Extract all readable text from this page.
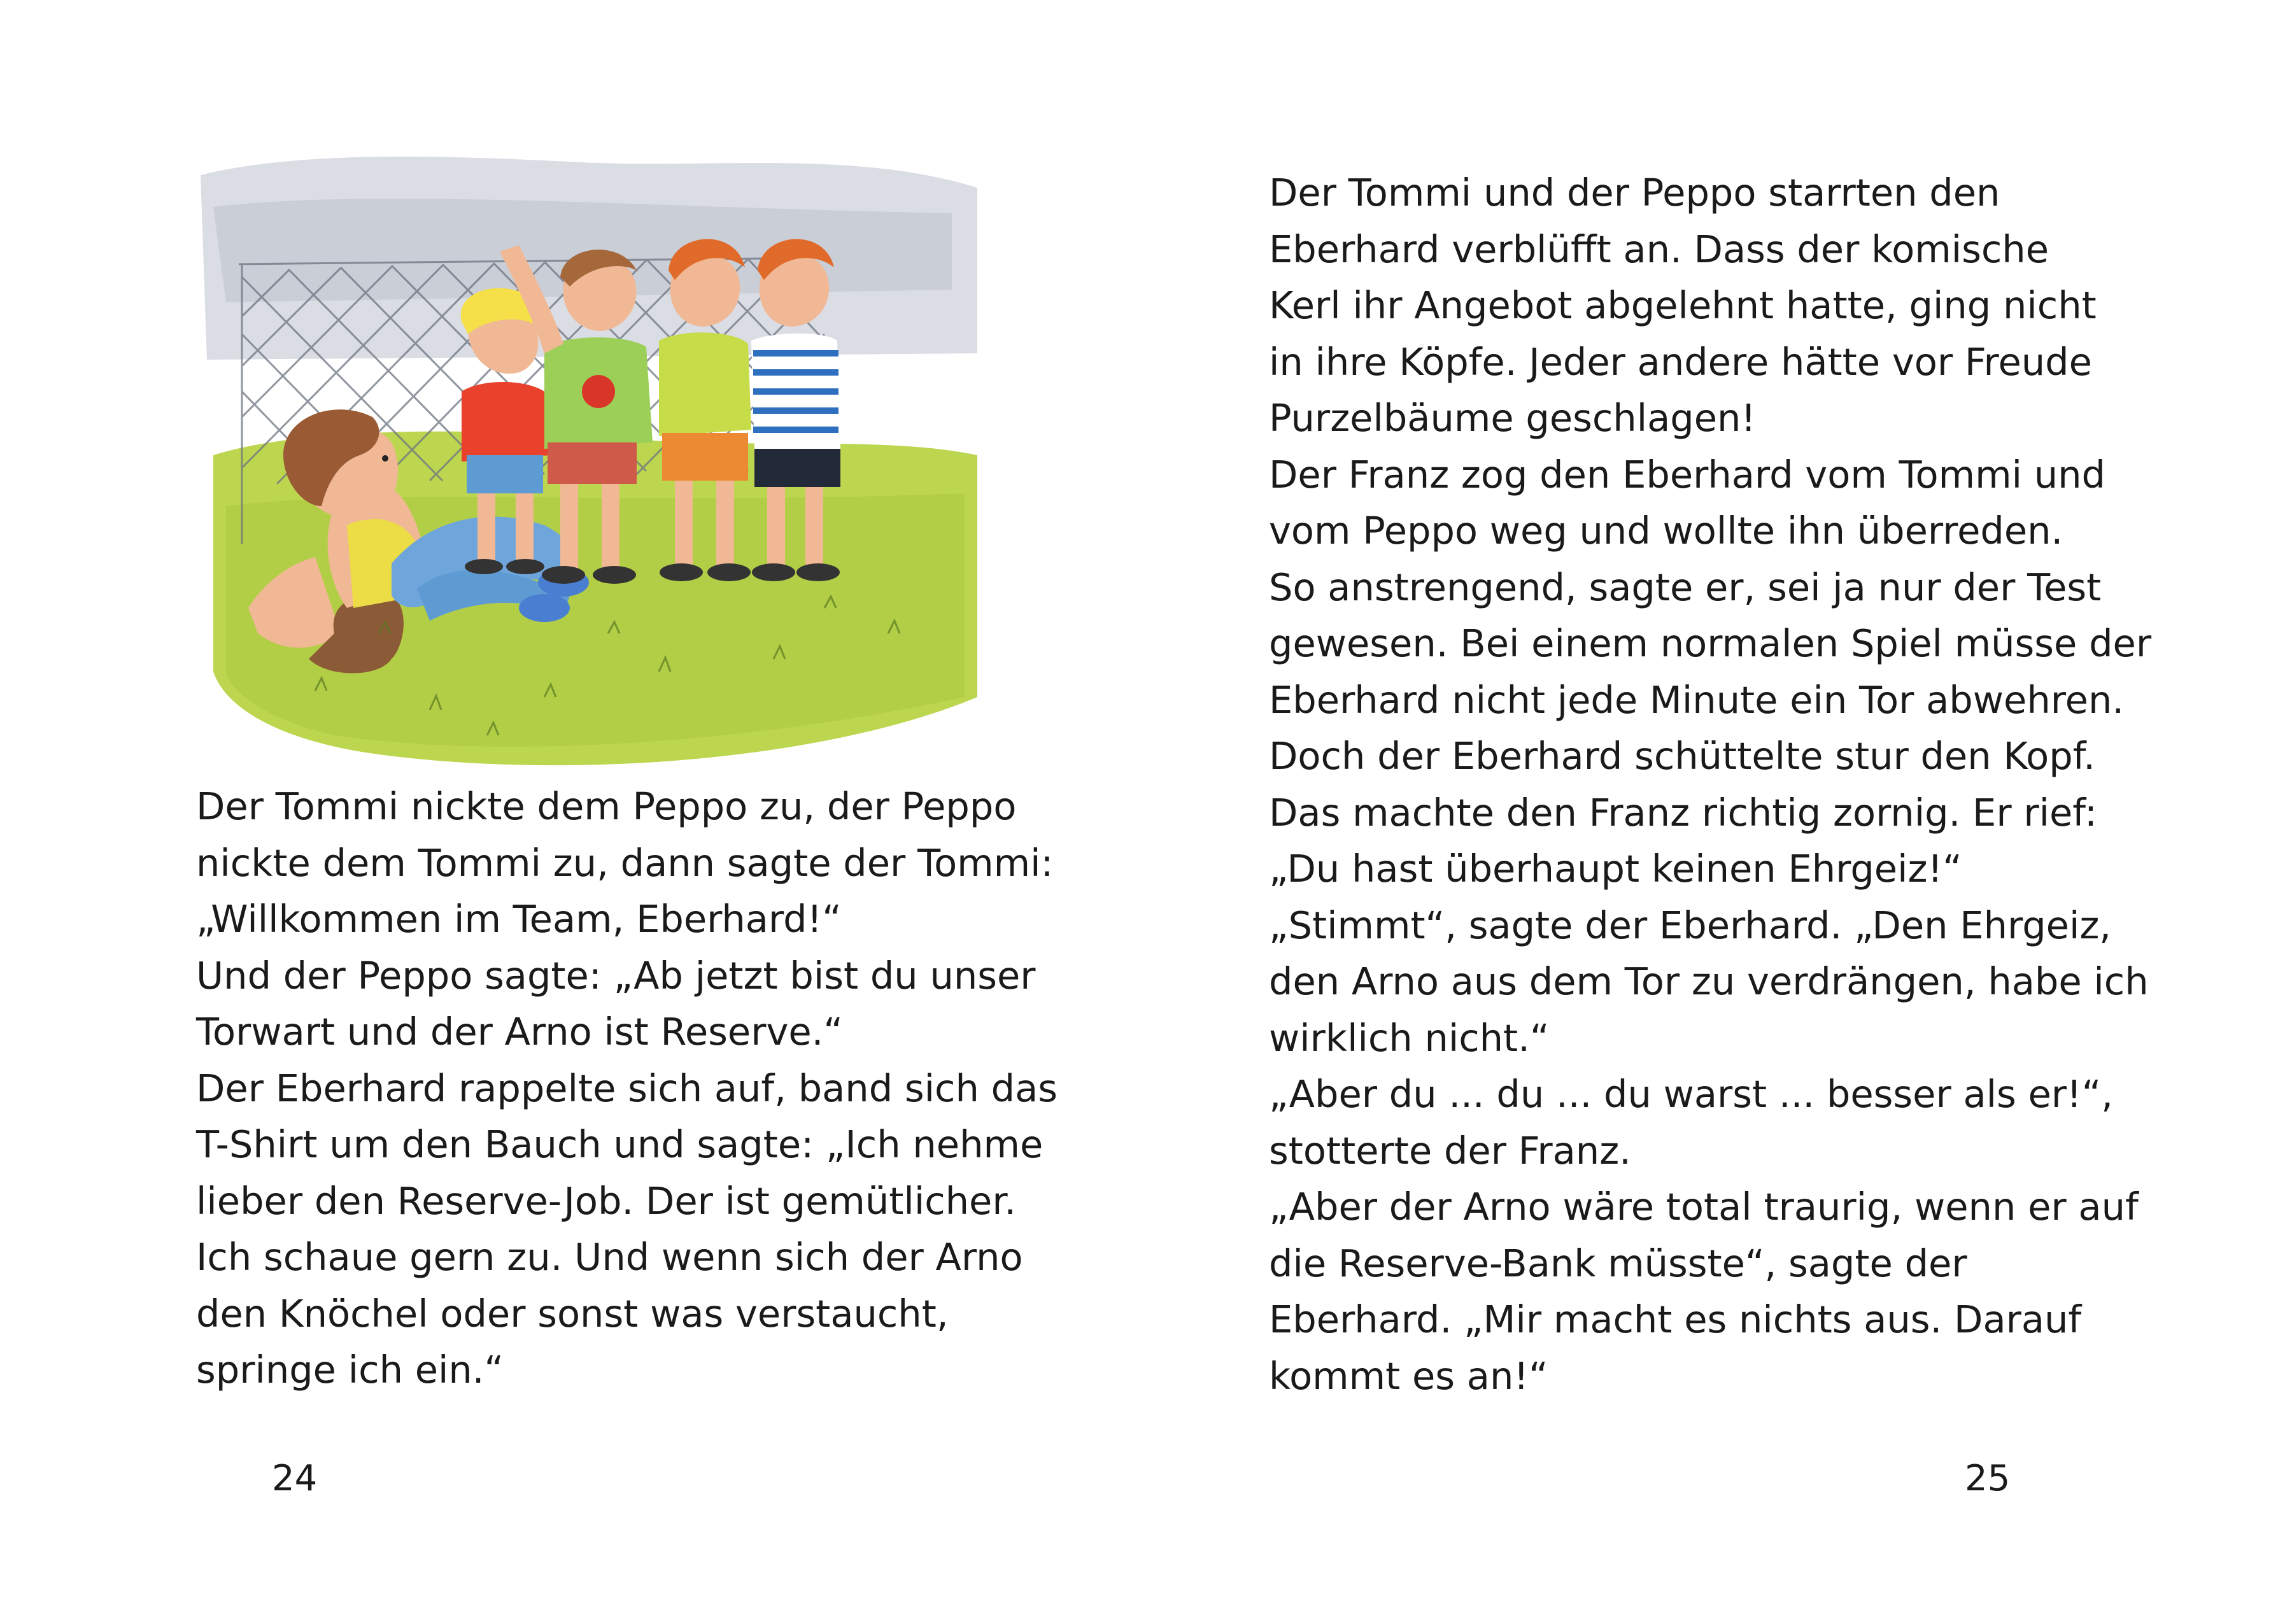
Der Tommi nickte dem Peppo zu, der Peppo
nickte dem Tommi zu, dann sagte der Tommi:
„Willkommen im Team, Eberhard!“
Und der Peppo sagte: „Ab jetzt bist du unser
Torwart und der Arno ist Reserve.“
Der Eberhard rappelte sich auf, band sich das
T-Shirt um den Bauch und sagte: „Ich nehme
lieber den Reserve-Job. Der ist gemütlicher.
Ich schaue gern zu. Und wenn sich der Arno
den Knöchel oder sonst was verstaucht,
springe ich ein.“
24
Der Tommi und der Peppo starrten den
Eberhard verblüfft an. Dass der komische
Kerl ihr Angebot abgelehnt hatte, ging nicht
in ihre Köpfe. Jeder andere hätte vor Freude
Purzelbäume geschlagen!
Der Franz zog den Eberhard vom Tommi und
vom Peppo weg und wollte ihn überreden.
So anstrengend, sagte er, sei ja nur der Test
gewesen. Bei einem normalen Spiel müsse der
Eberhard nicht jede Minute ein Tor abwehren.
Doch der Eberhard schüttelte stur den Kopf.
Das machte den Franz richtig zornig. Er rief:
„Du hast überhaupt keinen Ehrgeiz!“
„Stimmt“, sagte der Eberhard. „Den Ehrgeiz,
den Arno aus dem Tor zu verdrängen, habe ich
wirklich nicht.“
„Aber du ... du ... du warst ... besser als er!“,
stotterte der Franz.
„Aber der Arno wäre total traurig, wenn er auf
die Reserve-Bank müsste“, sagte der
Eberhard. „Mir macht es nichts aus. Darauf
kommt es an!“
25
